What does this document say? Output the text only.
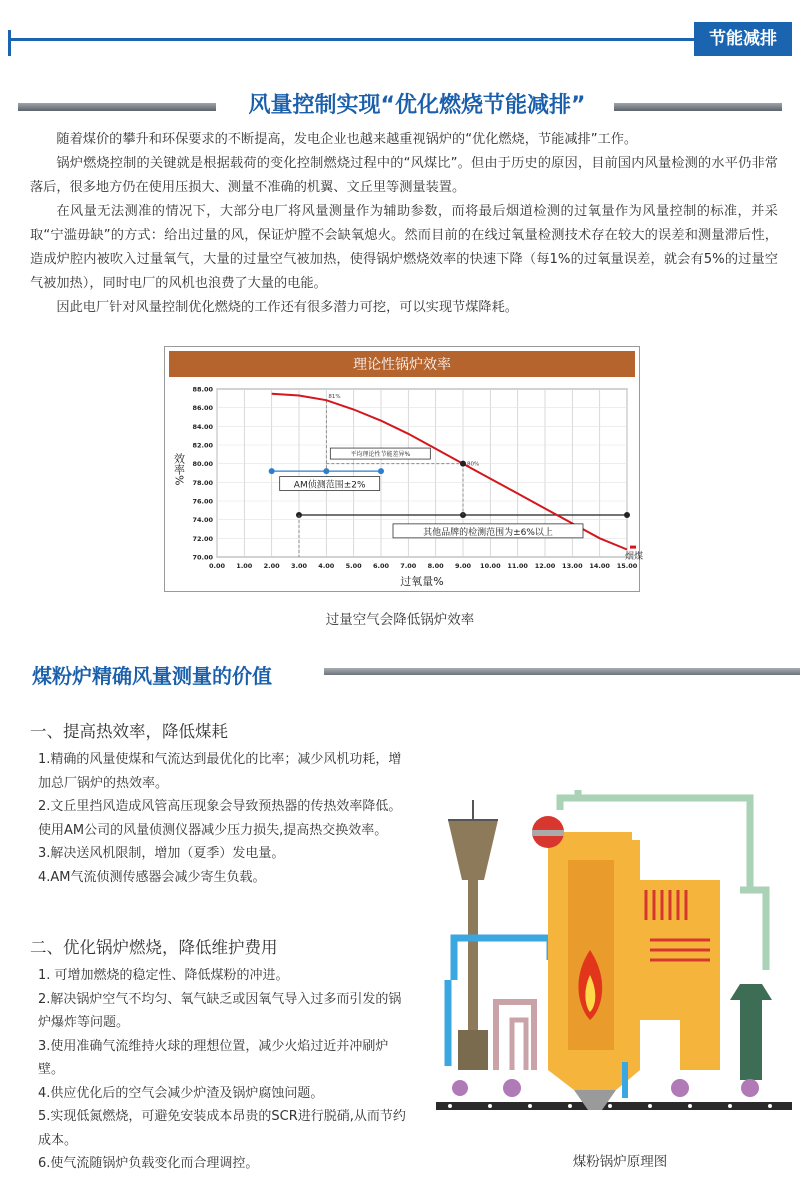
节能减排
风量控制实现“优化燃烧节能减排”

随着煤价的攀升和环保要求的不断提高，发电企业也越来越重视锅炉的“优化燃烧，节能减排”工作。

锅炉燃烧控制的关键就是根据载荷的变化控制燃烧过程中的“风煤比”。但由于历史的原因，目前国内风量检测的水平仍非常落后，很多地方仍在使用压损大、测量不准确的机翼、文丘里等测量装置。

在风量无法测准的情况下，大部分电厂将风量测量作为辅助参数，而将最后烟道检测的过氧量作为风量控制的标准，并采取“宁滥毋缺”的方式：给出过量的风，保证炉膛不会缺氧熄火。然而目前的在线过氧量检测技术存在较大的误差和测量滞后性，造成炉腔内被吹入过量氧气，大量的过量空气被加热，使得锅炉燃烧效率的快速下降（每1%的过氧量误差，就会有5%的过量空气被加热），同时电厂的风机也浪费了大量的电能。

因此电厂针对风量控制优化燃烧的工作还有很多潜力可挖，可以实现节煤降耗。

理论性锅炉效率
0.00 1.00 2.00 3.00 4.00 5.00 6.00 7.00 8.00 9.00 10.00 11.00 12.00 13.00 14.00 15.00
70.00
72.00
74.00
76.00
78.00
80.00
82.00
84.00
86.00
88.00
过氧量%
效率%
81%
80%
平均理论性节能差异%
AM侦测范围±2%
其他品牌的检测范围为±6%以上
烟煤
过量空气会降低锅炉效率
煤粉炉精确风量测量的价值
一、提高热效率，降低煤耗

1.精确的风量使煤和气流达到最优化的比率；减少风机功耗，增加总厂锅炉的热效率。

2.文丘里挡风造成风管高压现象会导致预热器的传热效率降低。使用AM公司的风量侦测仪器减少压力损失,提高热交换效率。

3.解决送风机限制，增加（夏季）发电量。

4.AM气流侦测传感器会减少寄生负载。

二、优化锅炉燃烧，降低维护费用

1. 可增加燃烧的稳定性、降低煤粉的冲进。

2.解决锅炉空气不均匀、氧气缺乏或因氧气导入过多而引发的锅炉爆炸等问题。

3.使用准确气流维持火球的理想位置，减少火焰过近并冲刷炉壁。

4.供应优化后的空气会减少炉渣及锅炉腐蚀问题。

5.实现低氮燃烧，可避免安装成本昂贵的SCR进行脱硝,从而节约成本。

6.使气流随锅炉负载变化而合理调控。	煤粉锅炉原理图
